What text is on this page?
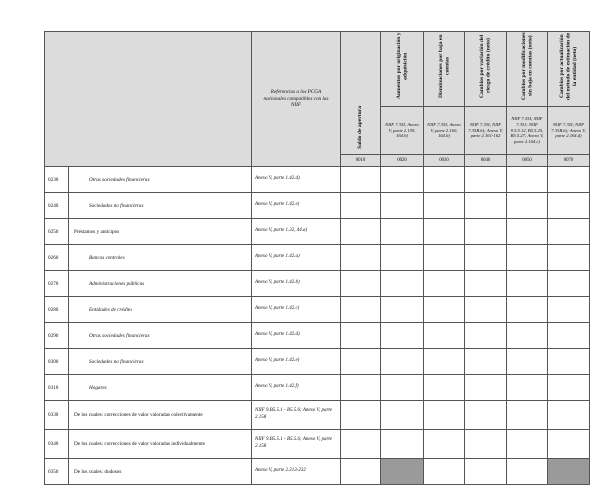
		Referencias a los PCGA nacionales compatibles con las NIIF	Saldo de apertura	Aumentos por originación y adquisición	Disminuciones por baja en cuentas	Cambios por variación del riesgo de crédito (neto)	Cambios por modificaciones sin baja en cuentas (neto)	Cambios por actualización del método de estimación de la entidad (neto)
				NIIF 7.35I; Anexo V, parte 2.159, 164.b)	NIIF 7.35I; Anexo V, parte 2.160, 164.b)	NIIF 7.35I; NIIF 7.35B.b); Anexo V, parte 2.161-162	NIIF 7.35I; NIIF 7.35J; NIIF 9.5.5.12, B5.5.25, B5.5.27; Anexo V, parte 2.164.c)	NIIF 7.35I; NIIF 7.35B.b); Anexo V, parte 2.164.d)
			0010	0020	0030	0040	0050	0070
0230	Otras sociedades financieras	Anexo V, parte 1.42.d)						
0240	Sociedades no financieras	Anexo V, parte 1.42.e)						
0250	Préstamos y anticipos	Anexo V, parte 1.32, 44.a)						
0260	Bancos centrales	Anexo V, parte 1.42.a)						
0270	Administraciones públicas	Anexo V, parte 1.42.b)						
0280	Entidades de crédito	Anexo V, parte 1.42.c)						
0290	Otras sociedades financieras	Anexo V, parte 1.42.d)						
0300	Sociedades no financieras	Anexo V, parte 1.42.e)						
0310	Hogares	Anexo V, parte 1.42.f)						
0330	De los cuales: correcciones de valor valoradas colectivamente	NIIF 9.B5.5.1 - B5.5.6; Anexo V, parte 2.158						
0340	De los cuales: correcciones de valor valoradas individualmente	NIIF 9.B5.5.1 - B5.5.6; Anexo V, parte 2.158						
0350	De los cuales: dudosos	Anexo V, parte 2.213-232						
